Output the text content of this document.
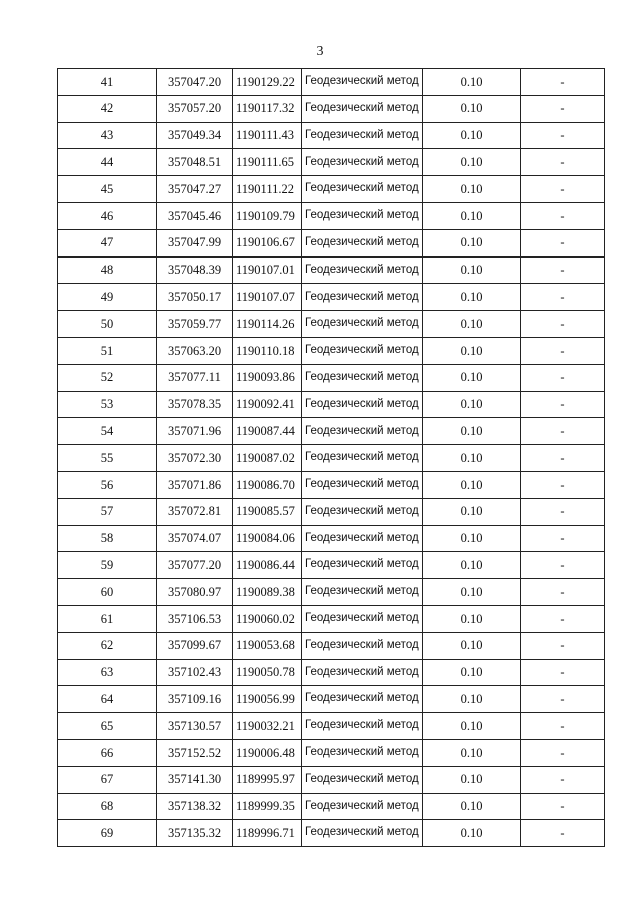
3
41	357047.20	1190129.22	Геодезический метод	0.10	-
42	357057.20	1190117.32	Геодезический метод	0.10	-
43	357049.34	1190111.43	Геодезический метод	0.10	-
44	357048.51	1190111.65	Геодезический метод	0.10	-
45	357047.27	1190111.22	Геодезический метод	0.10	-
46	357045.46	1190109.79	Геодезический метод	0.10	-
47	357047.99	1190106.67	Геодезический метод	0.10	-
48	357048.39	1190107.01	Геодезический метод	0.10	-
49	357050.17	1190107.07	Геодезический метод	0.10	-
50	357059.77	1190114.26	Геодезический метод	0.10	-
51	357063.20	1190110.18	Геодезический метод	0.10	-
52	357077.11	1190093.86	Геодезический метод	0.10	-
53	357078.35	1190092.41	Геодезический метод	0.10	-
54	357071.96	1190087.44	Геодезический метод	0.10	-
55	357072.30	1190087.02	Геодезический метод	0.10	-
56	357071.86	1190086.70	Геодезический метод	0.10	-
57	357072.81	1190085.57	Геодезический метод	0.10	-
58	357074.07	1190084.06	Геодезический метод	0.10	-
59	357077.20	1190086.44	Геодезический метод	0.10	-
60	357080.97	1190089.38	Геодезический метод	0.10	-
61	357106.53	1190060.02	Геодезический метод	0.10	-
62	357099.67	1190053.68	Геодезический метод	0.10	-
63	357102.43	1190050.78	Геодезический метод	0.10	-
64	357109.16	1190056.99	Геодезический метод	0.10	-
65	357130.57	1190032.21	Геодезический метод	0.10	-
66	357152.52	1190006.48	Геодезический метод	0.10	-
67	357141.30	1189995.97	Геодезический метод	0.10	-
68	357138.32	1189999.35	Геодезический метод	0.10	-
69	357135.32	1189996.71	Геодезический метод	0.10	-
